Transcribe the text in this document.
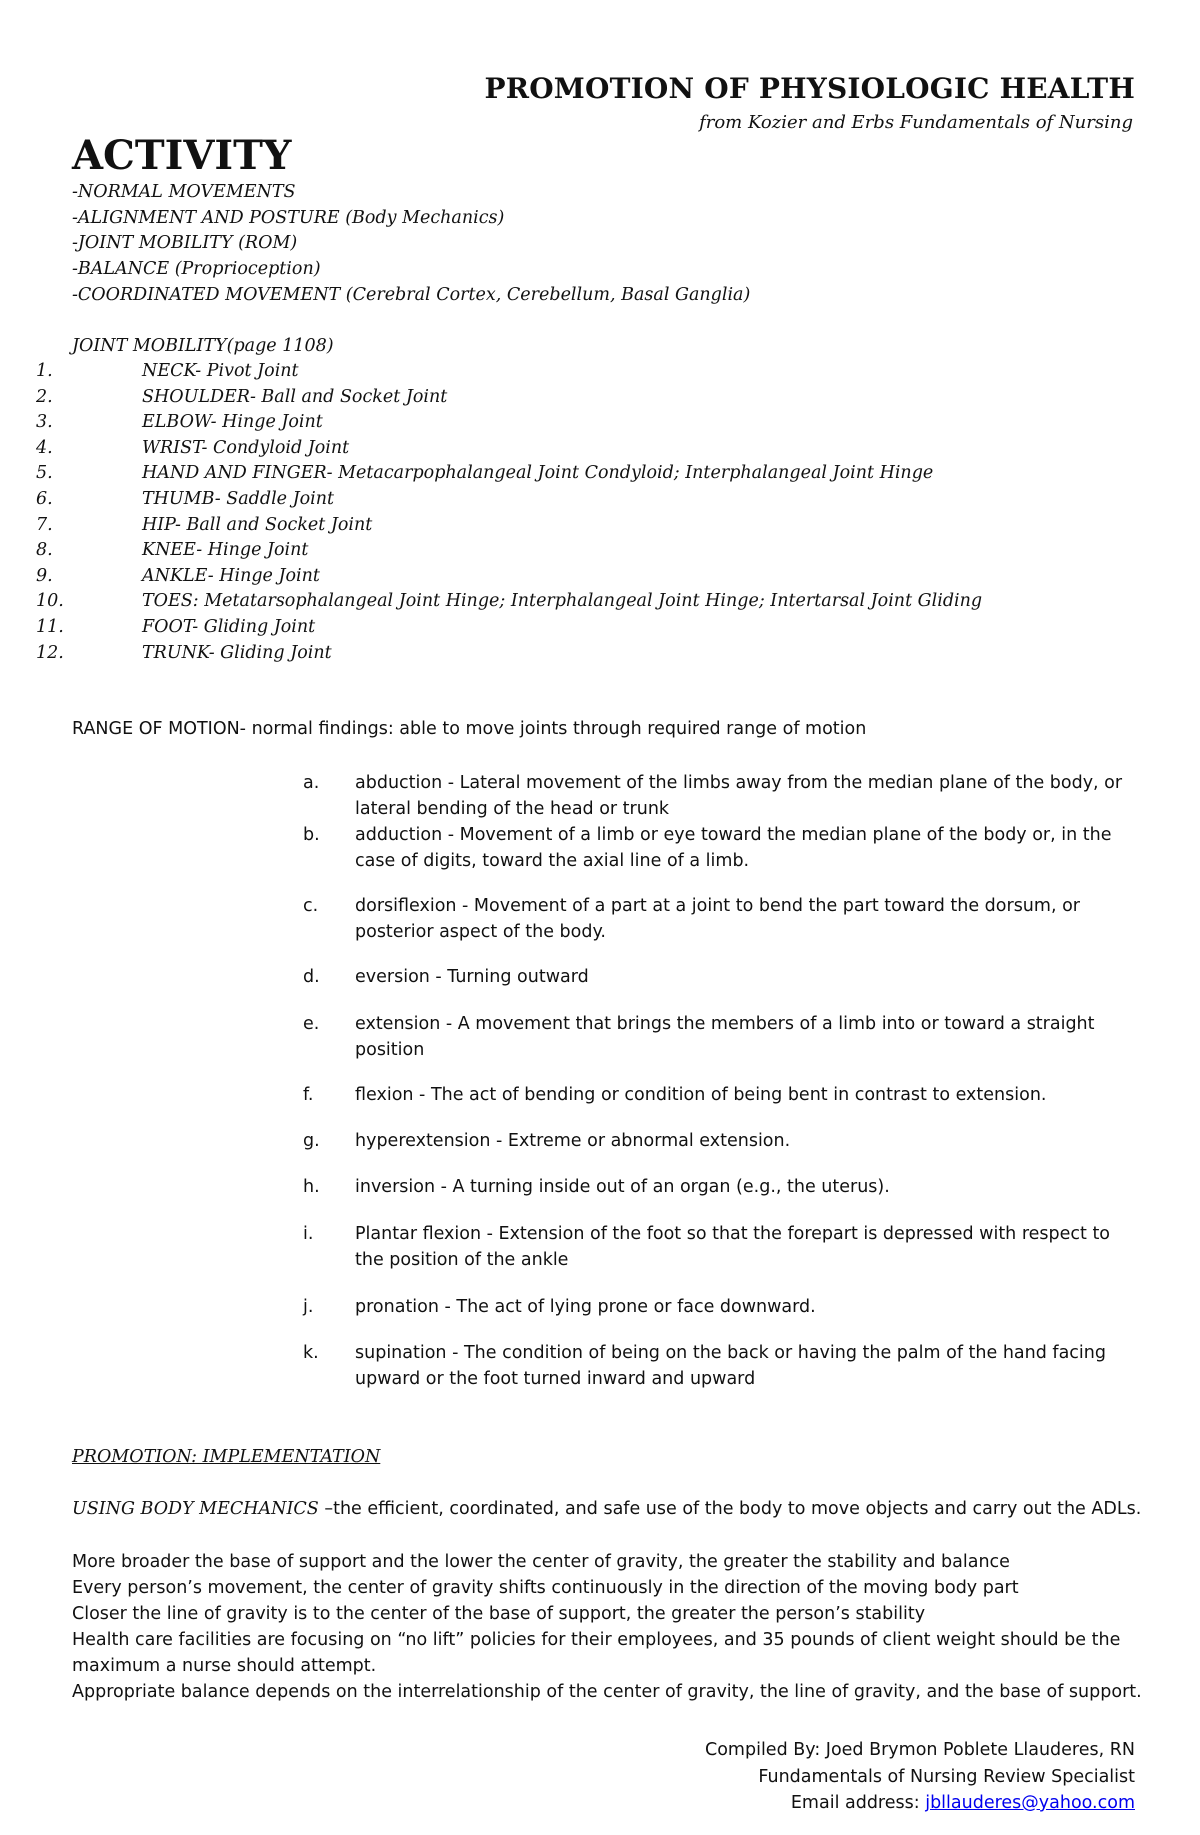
PROMOTION OF PHYSIOLOGIC HEALTH
from Kozier and Erbs Fundamentals of Nursing
ACTIVITY
-NORMAL MOVEMENTS
-ALIGNMENT AND POSTURE (Body Mechanics)
-JOINT MOBILITY (ROM)
-BALANCE (Proprioception)
-COORDINATED MOVEMENT (Cerebral Cortex, Cerebellum, Basal Ganglia)
JOINT MOBILITY(page 1108)
1.	NECK- Pivot Joint
2.	SHOULDER- Ball and Socket Joint
3.	ELBOW- Hinge Joint
4.	WRIST- Condyloid Joint
5.	HAND AND FINGER- Metacarpophalangeal Joint Condyloid; Interphalangeal Joint Hinge
6.	THUMB- Saddle Joint
7.	HIP- Ball and Socket Joint
8.	KNEE- Hinge Joint
9.	ANKLE- Hinge Joint
10.	TOES: Metatarsophalangeal Joint Hinge; Interphalangeal Joint Hinge; Intertarsal Joint Gliding
11.	FOOT- Gliding Joint
12.	TRUNK- Gliding Joint
RANGE OF MOTION- normal findings: able to move joints through required range of motion
a.	abduction - Lateral movement of the limbs away from the median plane of the body, or lateral bending of the head or trunk
b.	adduction - Movement of a limb or eye toward the median plane of the body or, in the case of digits, toward the axial line of a limb.
c.	dorsiflexion - Movement of a part at a joint to bend the part toward the dorsum, or posterior aspect of the body.
d.	eversion - Turning outward
e.	extension - A movement that brings the members of a limb into or toward a straight position
f.	flexion - The act of bending or condition of being bent in contrast to extension.
g.	hyperextension - Extreme or abnormal extension.
h.	inversion - A turning inside out of an organ (e.g., the uterus).
i.	Plantar flexion - Extension of the foot so that the forepart is depressed with respect to the position of the ankle
j.	pronation - The act of lying prone or face downward.
k.	supination - The condition of being on the back or having the palm of the hand facing upward or the foot turned inward and upward
PROMOTION: IMPLEMENTATION
USING BODY MECHANICS –the efficient, coordinated, and safe use of the body to move objects and carry out the ADLs.
More broader the base of support and the lower the center of gravity, the greater the stability and balance
Every person’s movement, the center of gravity shifts continuously in the direction of the moving body part
Closer the line of gravity is to the center of the base of support, the greater the person’s stability
Health care facilities are focusing on “no lift” policies for their employees, and 35 pounds of client weight should be the maximum a nurse should attempt.
Appropriate balance depends on the interrelationship of the center of gravity, the line of gravity, and the base of support.
Compiled By: Joed Brymon Poblete Llauderes, RN
Fundamentals of Nursing Review Specialist
Email address: jbllauderes@yahoo.com
